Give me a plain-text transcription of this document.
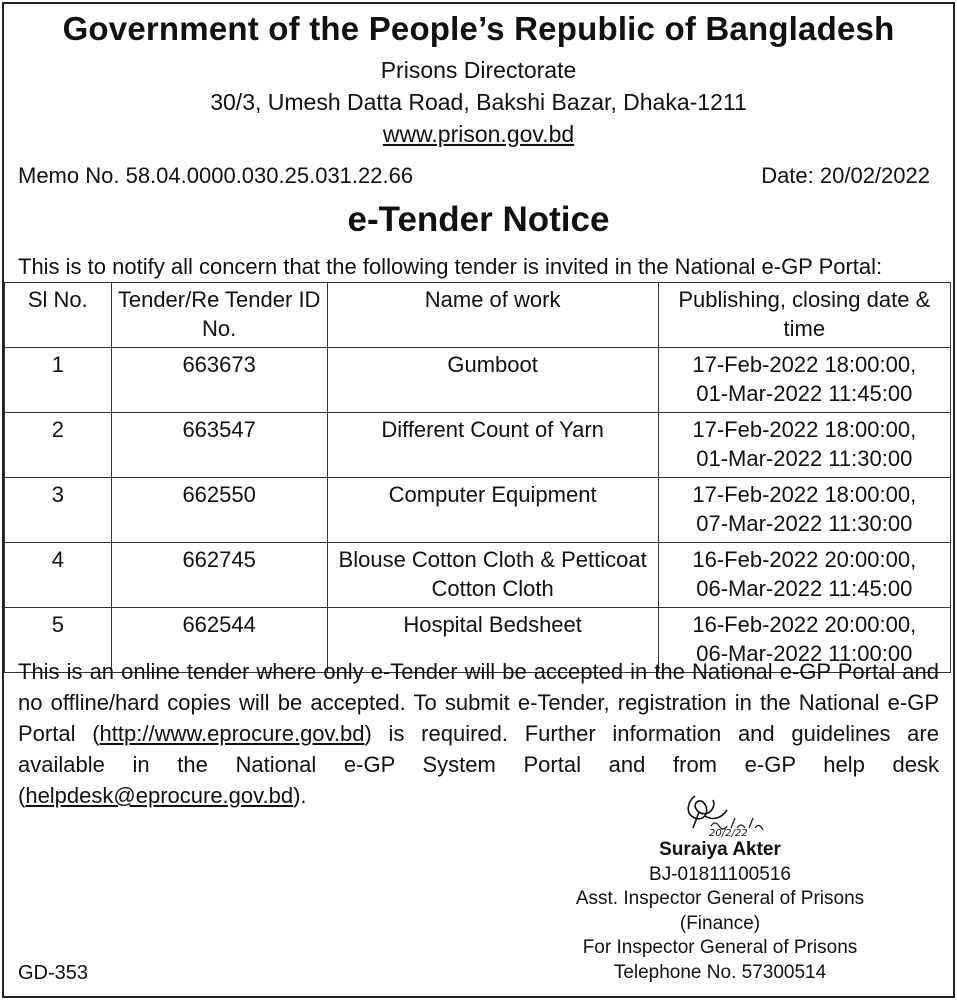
Government of the People’s Republic of Bangladesh
Prisons Directorate
30/3, Umesh Datta Road, Bakshi Bazar, Dhaka-1211
www.prison.gov.bd
Memo No. 58.04.0000.030.25.031.22.66	Date: 20/02/2022
e-Tender Notice
This is to notify all concern that the following tender is invited in the National e-GP Portal:
Sl No.	Tender/Re Tender ID No.	Name of work	Publishing, closing date & time
1	663673	Gumboot	17-Feb-2022 18:00:00,
01-Mar-2022 11:45:00
2	663547	Different Count of Yarn	17-Feb-2022 18:00:00,
01-Mar-2022 11:30:00
3	662550	Computer Equipment	17-Feb-2022 18:00:00,
07-Mar-2022 11:30:00
4	662745	Blouse Cotton Cloth & Petticoat Cotton Cloth	16-Feb-2022 20:00:00,
06-Mar-2022 11:45:00
5	662544	Hospital Bedsheet	16-Feb-2022 20:00:00,
06-Mar-2022 11:00:00
This is an online tender where only e-Tender will be accepted in the National e-GP Portal and no offline/hard copies will be accepted. To submit e-Tender, registration in the National e-GP Portal (http://www.eprocure.gov.bd) is required. Further information and guidelines are available in the National e-GP System Portal and from e-GP help desk (helpdesk@eprocure.gov.bd).
20/2/22
Suraiya Akter
BJ-01811100516
Asst. Inspector General of Prisons
(Finance)
For Inspector General of Prisons
Telephone No. 57300514
GD-353
